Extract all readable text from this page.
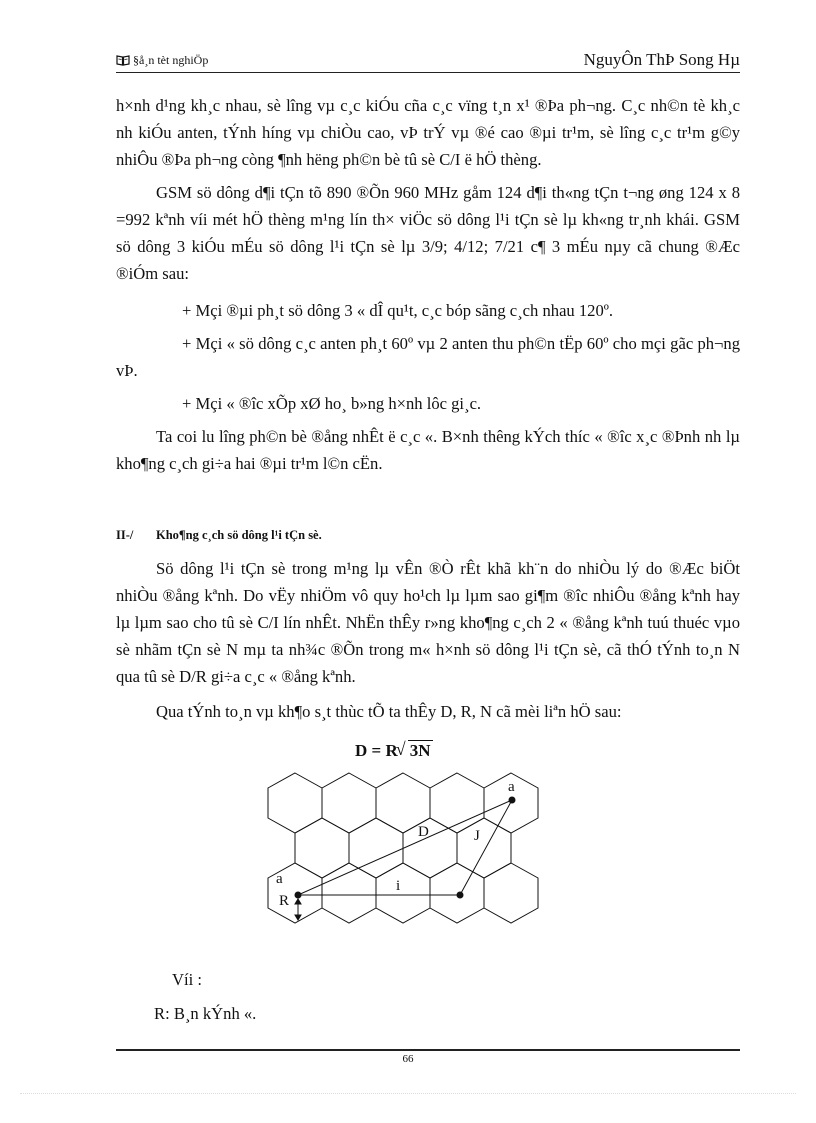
§å¸n tèt nghiÖp	NguyÔn ThÞ Song Hµ

h×nh d¹ng kh¸c nhau, sè lîng vµ c¸c kiÓu cña c¸c vïng t¸n x¹ ®Þa ph¬ng. C¸c nh©n tè kh¸c nh kiÓu anten, tÝnh híng vµ chiÒu cao, vÞ trÝ vµ ®é cao ®µi tr¹m, sè lîng c¸c tr¹m g©y nhiÔu ®Þa ph¬ng còng ¶nh hëng ph©n bè tû sè C/I ë hÖ thèng.

GSM sö dông d¶i tÇn tõ 890 ®Õn 960 MHz gåm 124 d¶i th«ng tÇn t¬ng øng 124 x 8 =992 kªnh víi mét hÖ thèng m¹ng lín th× viÖc sö dông l¹i tÇn sè lµ kh«ng tr¸nh khái. GSM sö dông 3 kiÓu mÉu sö dông l¹i tÇn sè lµ 3/9; 4/12; 7/21 c¶ 3 mÉu nµy cã chung ®Æc ®iÓm sau:

+ Mçi ®µi ph¸t sö dông 3 « dÎ qu¹t, c¸c bóp sãng c¸ch nhau 120º.

+ Mçi « sö dông c¸c anten ph¸t 60º vµ 2 anten thu ph©n tËp 60º cho mçi gãc ph¬ng vÞ.

+ Mçi « ®îc xÕp xØ ho¸ b»ng h×nh lôc gi¸c.

Ta coi lu lîng ph©n bè ®ång nhÊt ë c¸c «. B×nh thêng kÝch thíc « ®îc x¸c ®Þnh nh lµ kho¶ng c¸ch gi÷a hai ®µi tr¹m l©n cËn.

II-/ Kho¶ng c¸ch sö dông l¹i tÇn sè.

Sö dông l¹i tÇn sè trong m¹ng lµ vÊn ®Ò rÊt khã kh¨n do nhiÒu lý do ®Æc biÖt nhiÒu ®ång kªnh. Do vËy nhiÖm vô quy ho¹ch lµ lµm sao gi¶m ®îc nhiÔu ®ång kªnh hay lµ lµm sao cho tû sè C/I lín nhÊt. NhËn thÊy r»ng kho¶ng c¸ch 2 « ®ång kªnh tuú thuéc vµo sè nhãm tÇn sè N mµ ta nh¾c ®Õn trong m« h×nh sö dông l¹i tÇn sè, cã thÓ tÝnh to¸n N qua tû sè D/R gi÷a c¸c « ®ång kªnh.

Qua tÝnh to¸n vµ kh¶o s¸t thùc tÕ ta thÊy D, R, N cã mèi liªn hÖ sau:

D = R
√ 3N
a
a
R
D	J
i

Víi :

R: B¸n kÝnh «.

66
